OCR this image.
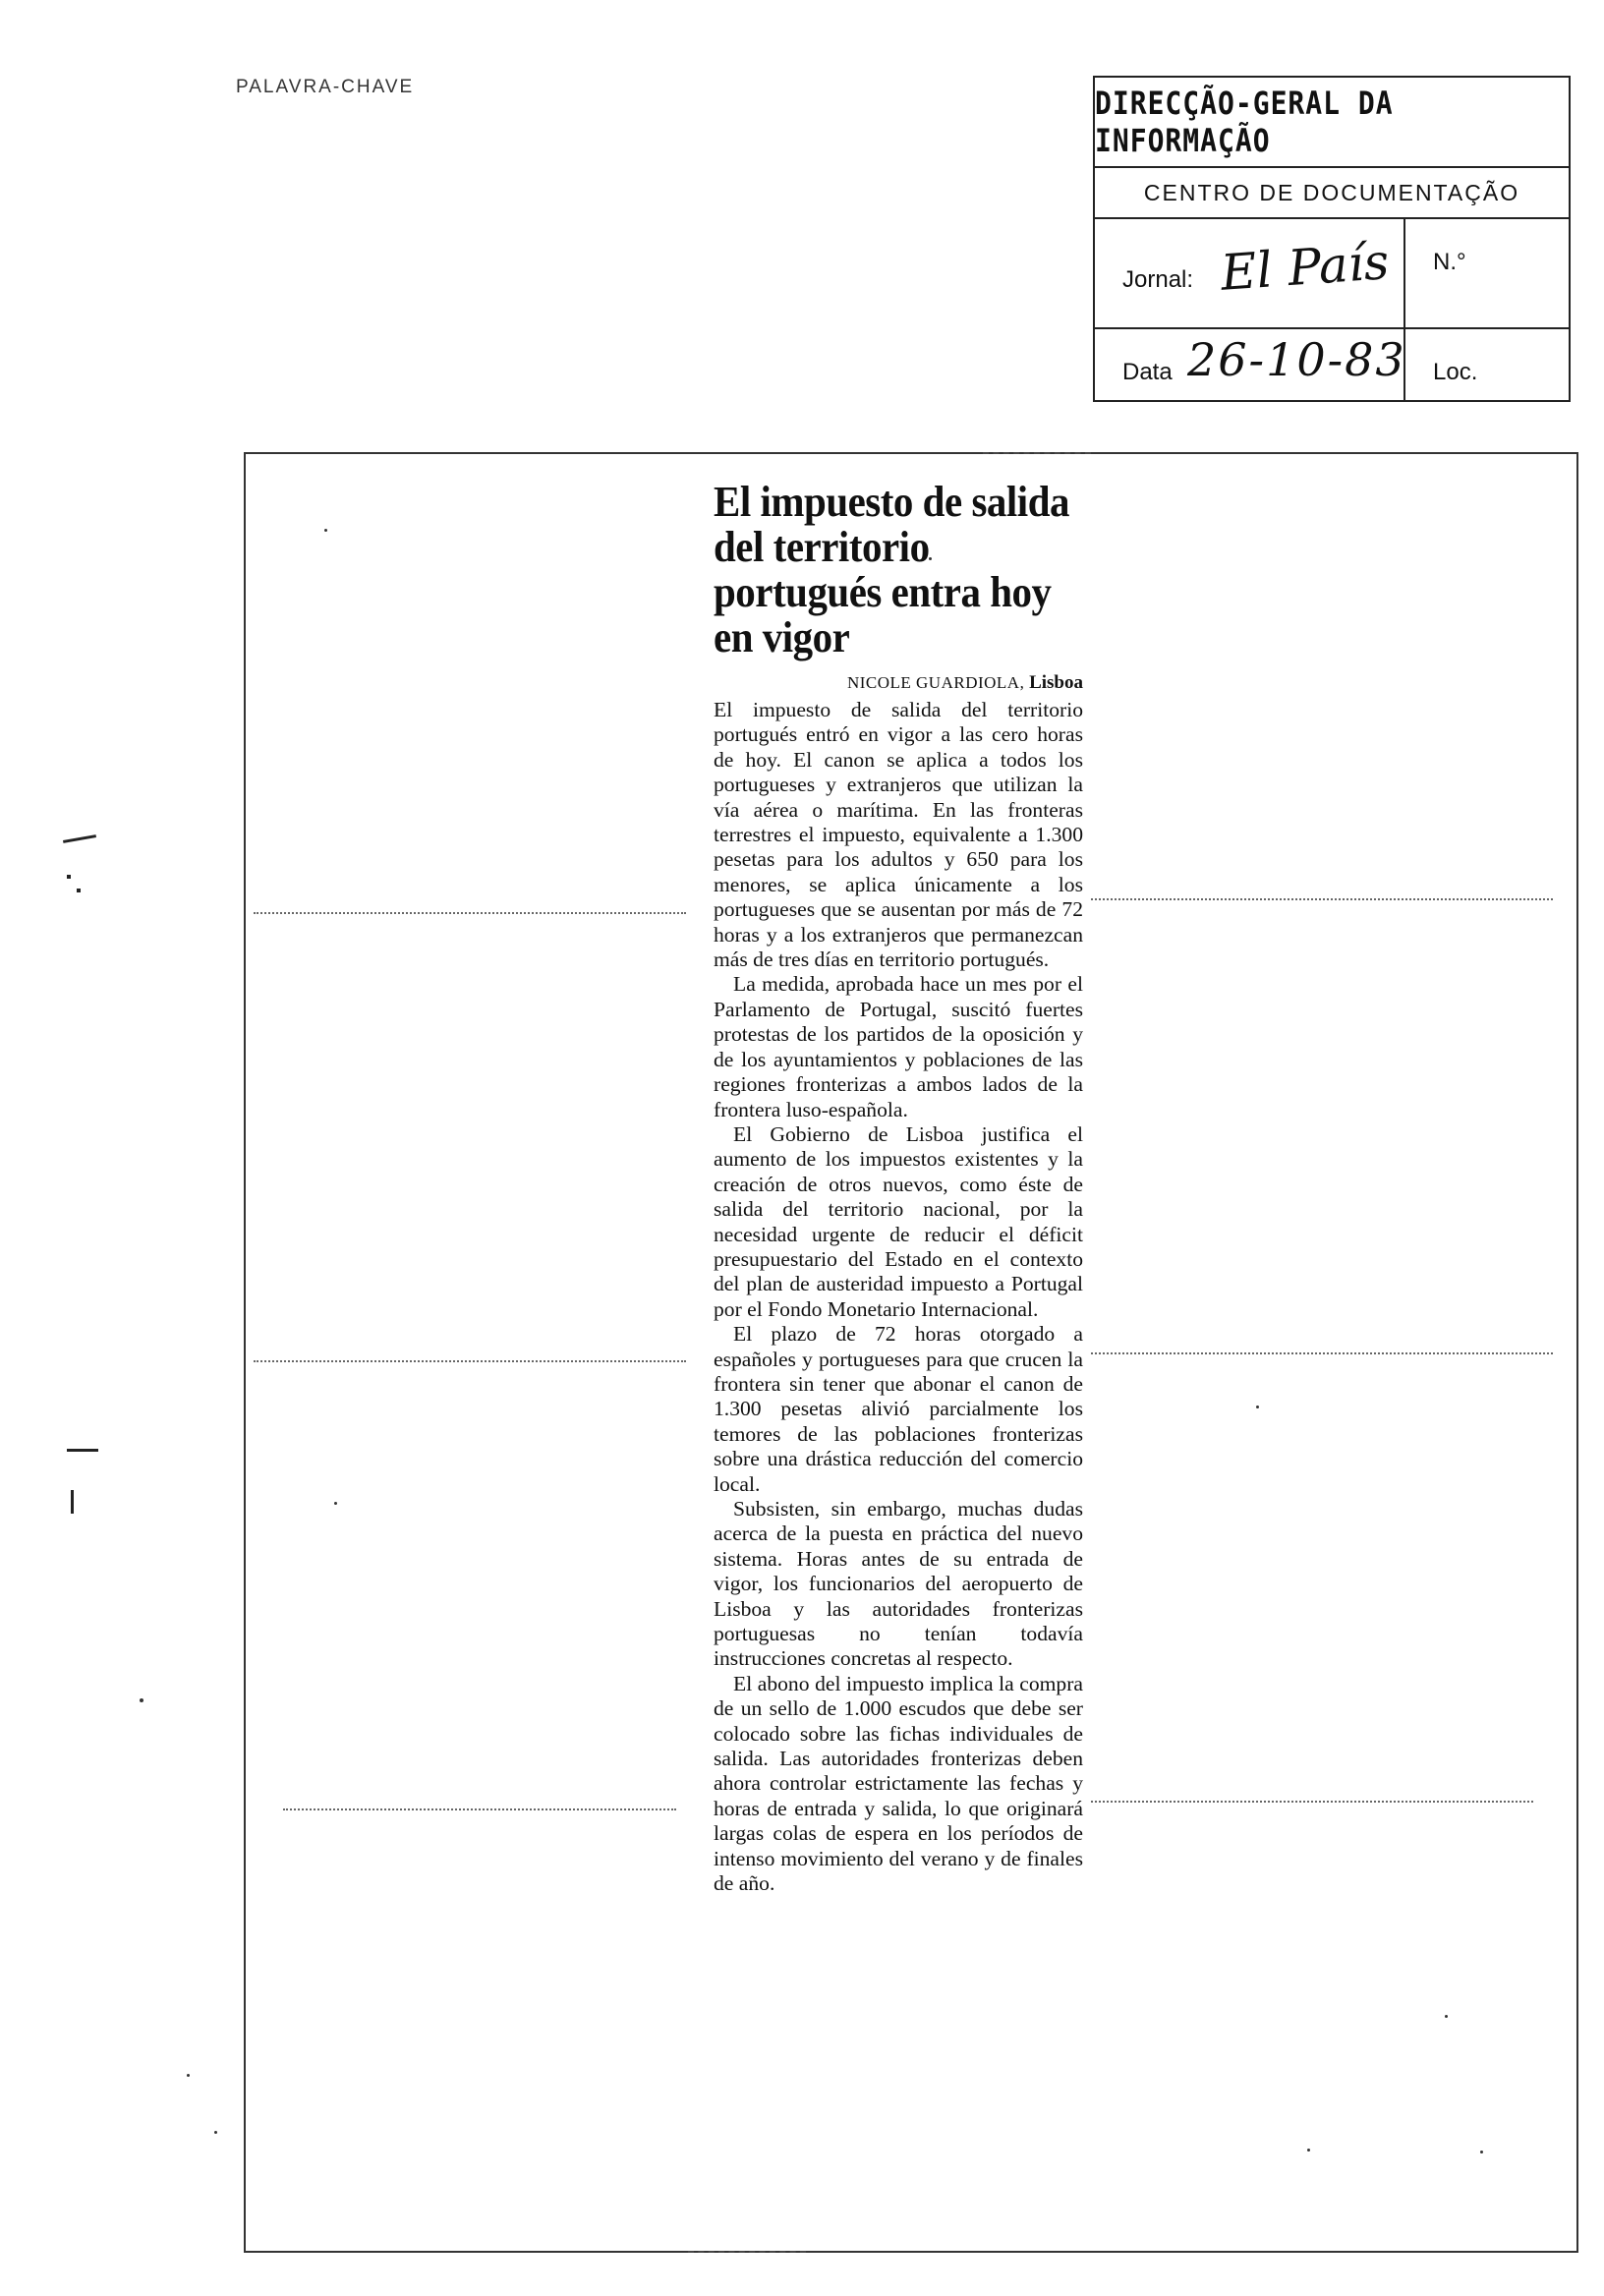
PALAVRA-CHAVE	DIRECÇÃO-GERAL DA INFORMAÇÃO
CENTRO DE DOCUMENTAÇÃO
Jornal: El País N.°
Data 26-10-83 Loc.
El impuesto de salida del territorio portugués entra hoy en vigor
NICOLE GUARDIOLA, Lisboa

El impuesto de salida del territorio portugués entró en vigor a las cero horas de hoy. El canon se aplica a todos los portugueses y extranjeros que utilizan la vía aérea o marítima. En las fronteras terrestres el impuesto, equivalente a 1.300 pesetas para los adultos y 650 para los menores, se aplica únicamente a los portugueses que se ausentan por más de 72 horas y a los extranjeros que permanezcan más de tres días en territorio portugués.

La medida, aprobada hace un mes por el Parlamento de Portugal, suscitó fuertes protestas de los partidos de la oposición y de los ayuntamientos y poblaciones de las regiones fronterizas a ambos lados de la frontera luso-española.

El Gobierno de Lisboa justifica el aumento de los impuestos existentes y la creación de otros nuevos, como éste de salida del territorio nacional, por la necesidad urgente de reducir el déficit presupuestario del Estado en el contexto del plan de austeridad impuesto a Portugal por el Fondo Monetario Internacional.

El plazo de 72 horas otorgado a españoles y portugueses para que crucen la frontera sin tener que abonar el canon de 1.300 pesetas alivió parcialmente los temores de las poblaciones fronterizas sobre una drástica reducción del comercio local.

Subsisten, sin embargo, muchas dudas acerca de la puesta en práctica del nuevo sistema. Horas antes de su entrada de vigor, los funcionarios del aeropuerto de Lisboa y las autoridades fronterizas portuguesas no tenían todavía instrucciones concretas al respecto.

El abono del impuesto implica la compra de un sello de 1.000 escudos que debe ser colocado sobre las fichas individuales de salida. Las autoridades fronterizas deben ahora controlar estrictamente las fechas y horas de entrada y salida, lo que originará largas colas de espera en los períodos de intenso movimiento del verano y de finales de año.
